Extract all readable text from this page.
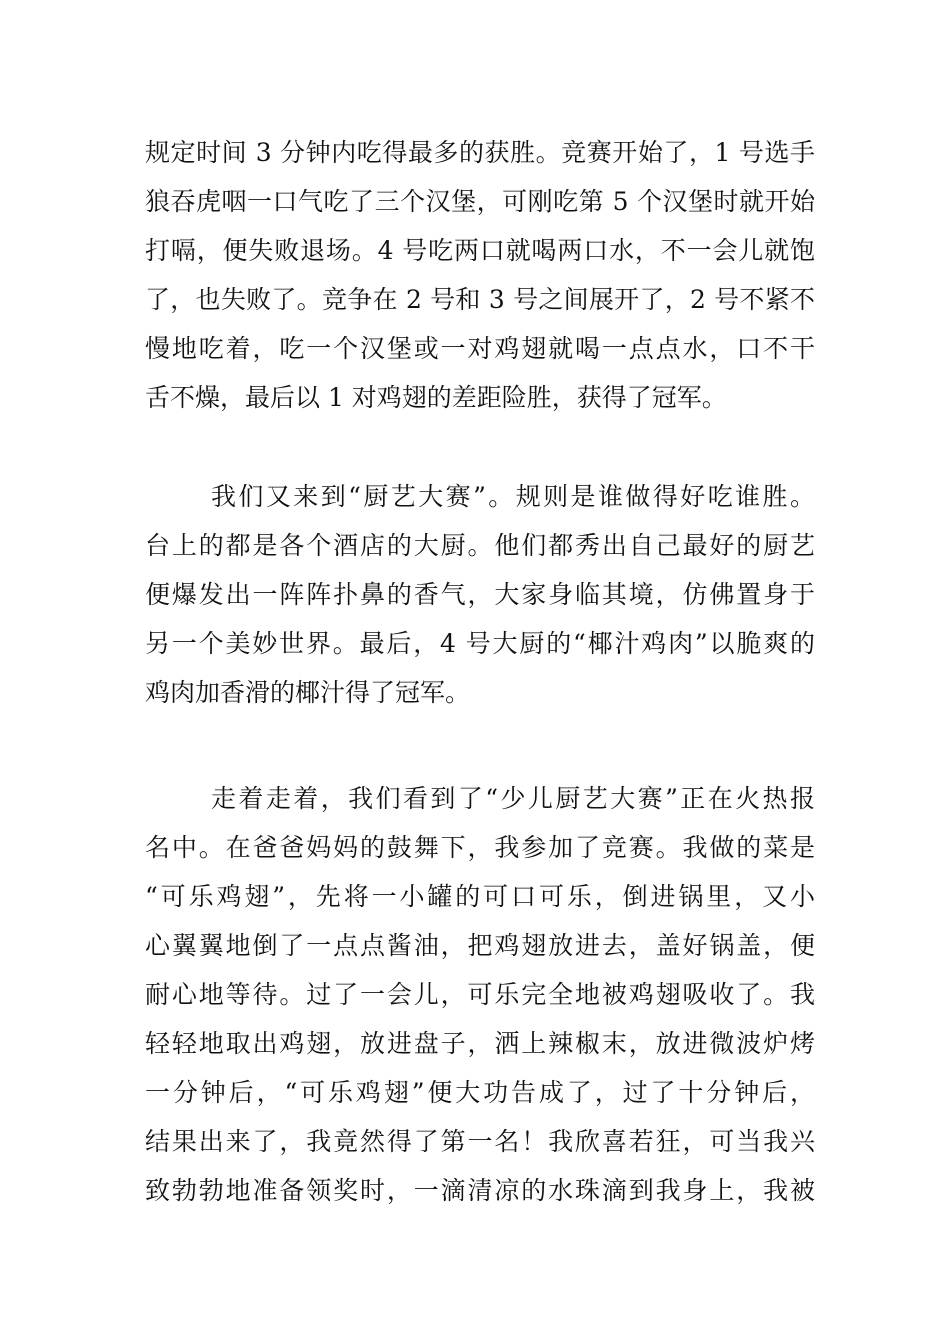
规定时间 3 分钟内吃得最多的获胜。竞赛开始了，1 号选手
狼吞虎咽一口气吃了三个汉堡，可刚吃第 5 个汉堡时就开始
打嗝，便失败退场。4 号吃两口就喝两口水，不一会儿就饱
了，也失败了。竞争在 2 号和 3 号之间展开了，2 号不紧不
慢地吃着，吃一个汉堡或一对鸡翅就喝一点点水，口不干
舌不燥，最后以 1 对鸡翅的差距险胜，获得了冠军。
我们又来到“厨艺大赛”。规则是谁做得好吃谁胜。
台上的都是各个酒店的大厨。他们都秀出自己最好的厨艺
便爆发出一阵阵扑鼻的香气，大家身临其境，仿佛置身于
另一个美妙世界。最后，4 号大厨的“椰汁鸡肉”以脆爽的
鸡肉加香滑的椰汁得了冠军。
走着走着，我们看到了“少儿厨艺大赛”正在火热报
名中。在爸爸妈妈的鼓舞下，我参加了竞赛。我做的菜是
“可乐鸡翅”，先将一小罐的可口可乐，倒进锅里，又小
心翼翼地倒了一点点酱油，把鸡翅放进去，盖好锅盖，便
耐心地等待。过了一会儿，可乐完全地被鸡翅吸收了。我
轻轻地取出鸡翅，放进盘子，洒上辣椒末，放进微波炉烤
一分钟后，“可乐鸡翅”便大功告成了，过了十分钟后，
结果出来了，我竟然得了第一名！我欣喜若狂，可当我兴
致勃勃地准备领奖时，一滴清凉的水珠滴到我身上，我被
